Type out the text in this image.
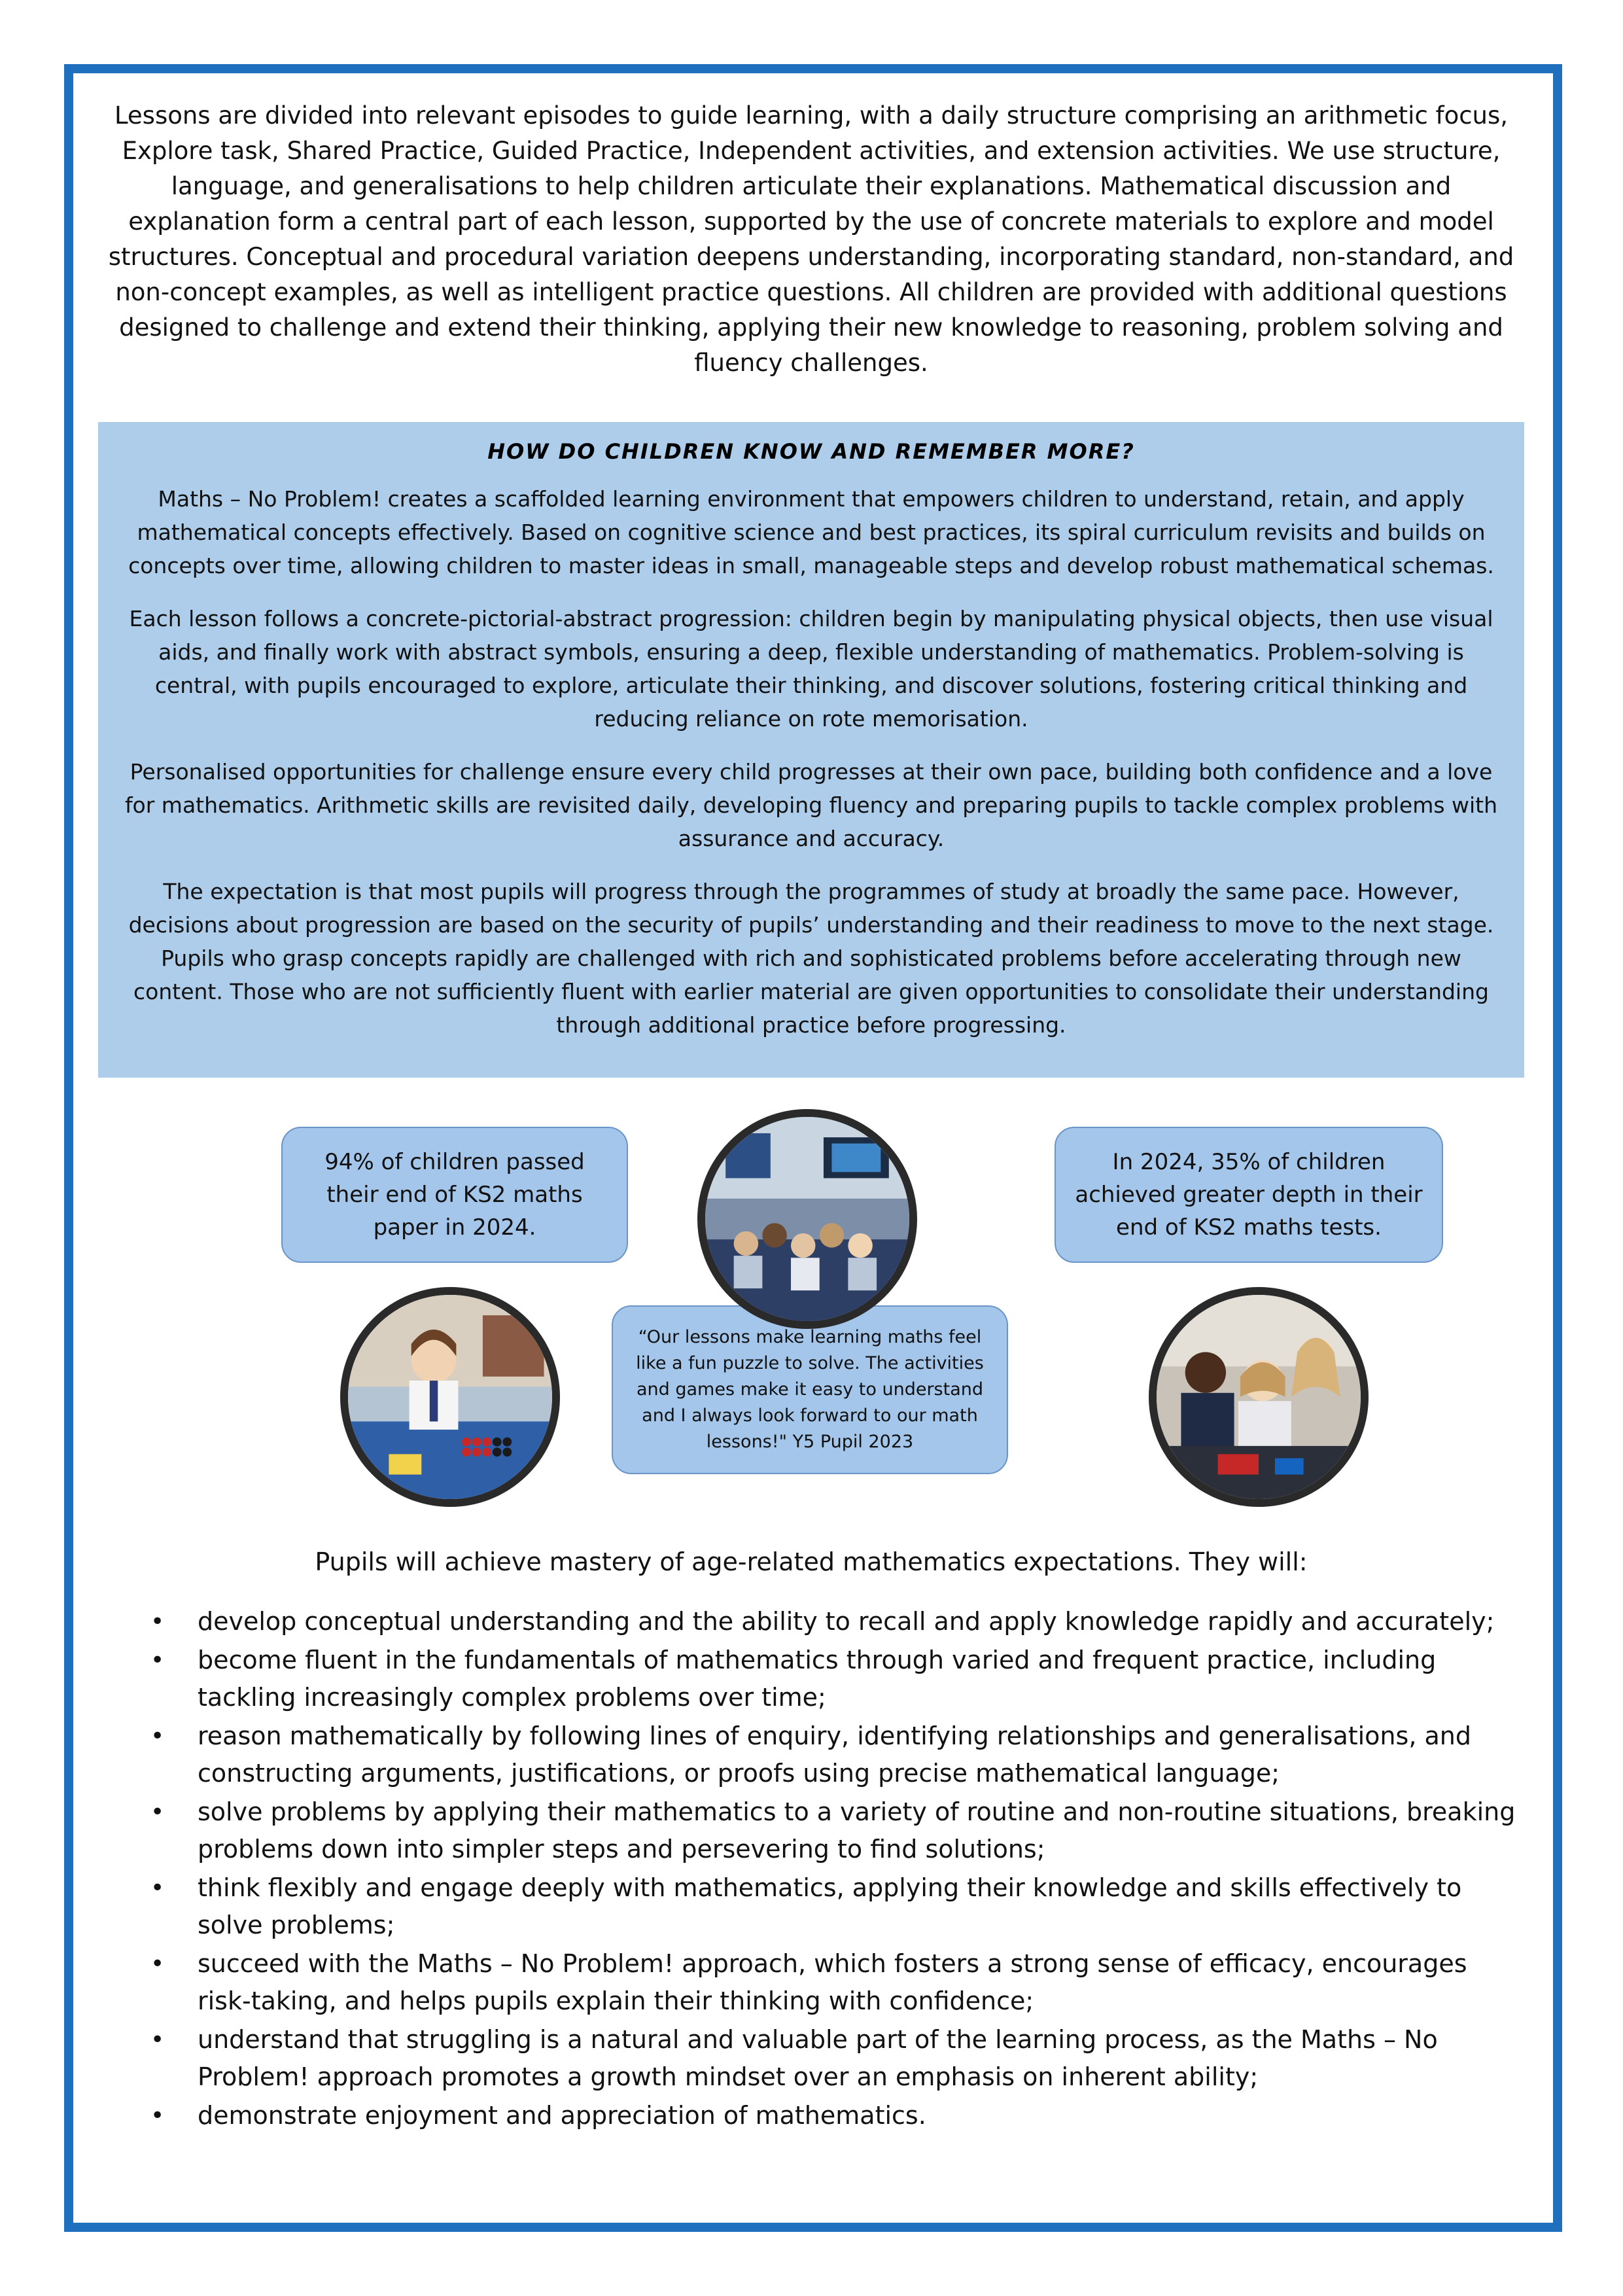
Lessons are divided into relevant episodes to guide learning, with a daily structure comprising an arithmetic focus, Explore task, Shared Practice, Guided Practice, Independent activities, and extension activities. We use structure, language, and generalisations to help children articulate their explanations. Mathematical discussion and explanation form a central part of each lesson, supported by the use of concrete materials to explore and model structures. Conceptual and procedural variation deepens understanding, incorporating standard, non-standard, and non-concept examples, as well as intelligent practice questions. All children are provided with additional questions designed to challenge and extend their thinking, applying their new knowledge to reasoning, problem solving and fluency challenges.

HOW DO CHILDREN KNOW AND REMEMBER MORE?

Maths – No Problem! creates a scaffolded learning environment that empowers children to understand, retain, and apply mathematical concepts effectively. Based on cognitive science and best practices, its spiral curriculum revisits and builds on concepts over time, allowing children to master ideas in small, manageable steps and develop robust mathematical schemas.

Each lesson follows a concrete-pictorial-abstract progression: children begin by manipulating physical objects, then use visual aids, and finally work with abstract symbols, ensuring a deep, flexible understanding of mathematics. Problem-solving is central, with pupils encouraged to explore, articulate their thinking, and discover solutions, fostering critical thinking and reducing reliance on rote memorisation.

Personalised opportunities for challenge ensure every child progresses at their own pace, building both confidence and a love for mathematics. Arithmetic skills are revisited daily, developing fluency and preparing pupils to tackle complex problems with assurance and accuracy.

The expectation is that most pupils will progress through the programmes of study at broadly the same pace. However, decisions about progression are based on the security of pupils’ understanding and their readiness to move to the next stage. Pupils who grasp concepts rapidly are challenged with rich and sophisticated problems before accelerating through new content. Those who are not sufficiently fluent with earlier material are given opportunities to consolidate their understanding through additional practice before progressing.

94% of children passed their end of KS2 maths paper in 2024.
In 2024, 35% of children achieved greater depth in their end of KS2 maths tests.
“Our lessons make learning maths feel like a fun puzzle to solve. The activities and games make it easy to understand and I always look forward to our math lessons!" Y5 Pupil 2023

Pupils will achieve mastery of age-related mathematics expectations. They will:

• develop conceptual understanding and the ability to recall and apply knowledge rapidly and accurately;
• become fluent in the fundamentals of mathematics through varied and frequent practice, including tackling increasingly complex problems over time;
• reason mathematically by following lines of enquiry, identifying relationships and generalisations, and constructing arguments, justifications, or proofs using precise mathematical language;
• solve problems by applying their mathematics to a variety of routine and non-routine situations, breaking problems down into simpler steps and persevering to find solutions;
• think flexibly and engage deeply with mathematics, applying their knowledge and skills effectively to solve problems;
• succeed with the Maths – No Problem! approach, which fosters a strong sense of efficacy, encourages risk-taking, and helps pupils explain their thinking with confidence;
• understand that struggling is a natural and valuable part of the learning process, as the Maths – No Problem! approach promotes a growth mindset over an emphasis on inherent ability;
• demonstrate enjoyment and appreciation of mathematics.
